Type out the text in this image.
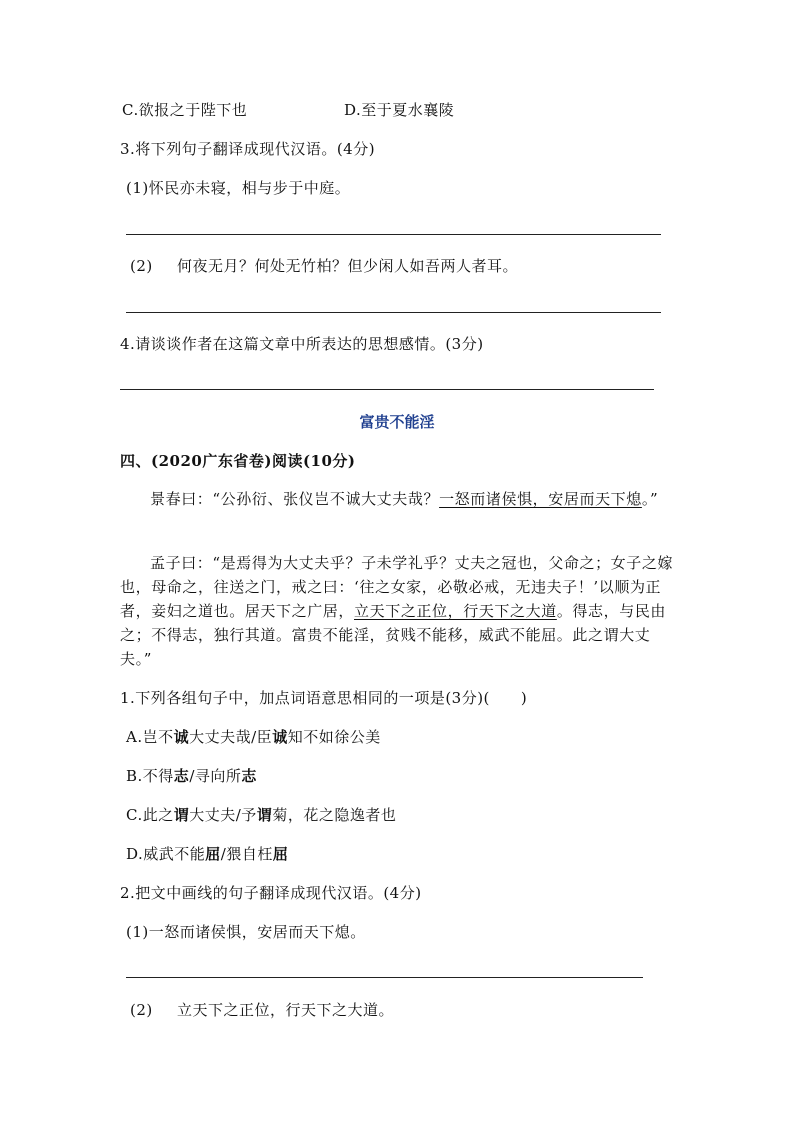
C.欲报之于陛下也	D.至于夏水襄陵
3.将下列句子翻译成现代汉语。(4分)
(1)怀民亦未寝，相与步于中庭。
(2) 何夜无月？何处无竹柏？但少闲人如吾两人者耳。
4.请谈谈作者在这篇文章中所表达的思想感情。(3分)
富贵不能淫
四、(2020广东省卷)阅读(10分)
景春曰：“公孙衍、张仪岂不诚大丈夫哉？一怒而诸侯惧，安居而天下熄。”
孟子曰：“是焉得为大丈夫乎？子未学礼乎？丈夫之冠也，父命之；女子之嫁也，母命之，往送之门，戒之曰：‘往之女家，必敬必戒，无违夫子！’以顺为正者，妾妇之道也。居天下之广居，立天下之正位，行天下之大道。得志，与民由之；不得志，独行其道。富贵不能淫，贫贱不能移，威武不能屈。此之谓大丈夫。”
1.下列各组句子中，加点词语意思相同的一项是(3分)(　　)
A.岂不诚大丈夫哉/臣诚知不如徐公美
B.不得志/寻向所志
C.此之谓大丈夫/予谓菊，花之隐逸者也
D.威武不能屈/猥自枉屈
2.把文中画线的句子翻译成现代汉语。(4分)
(1)一怒而诸侯惧，安居而天下熄。
(2) 立天下之正位，行天下之大道。
